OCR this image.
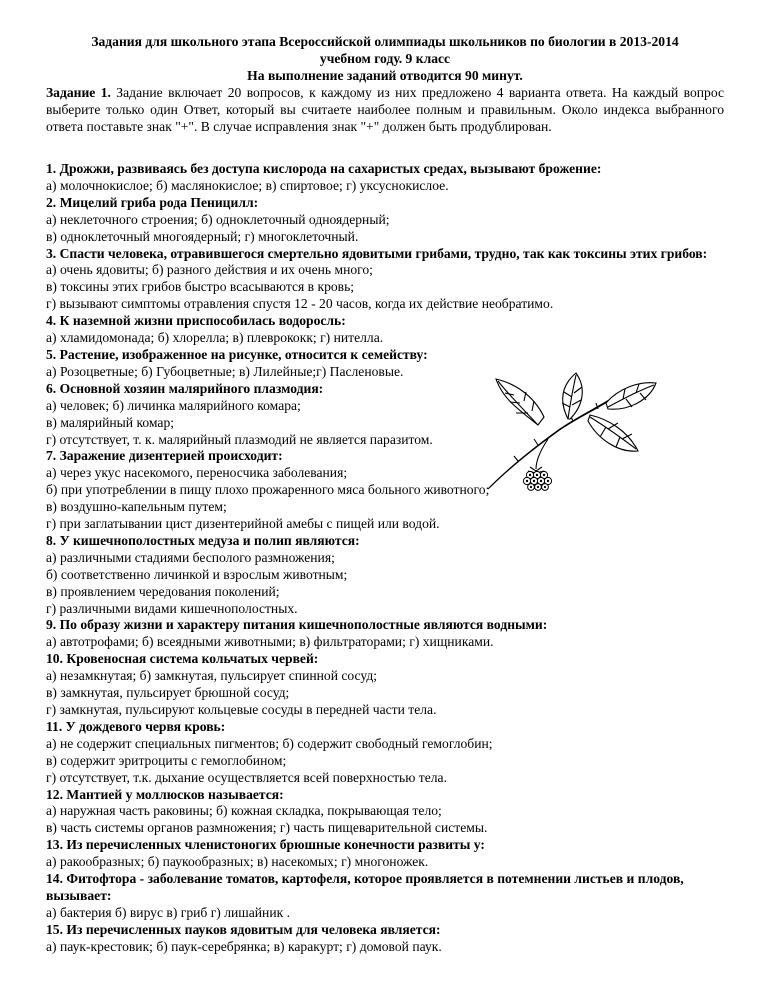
Задания для школьного этапа Всероссийской олимпиады школьников по биологии в 2013-2014
учебном году. 9 класс
На выполнение заданий отводится 90 минут.
Задание 1. Задание включает 20 вопросов, к каждому из них предложено 4 варианта ответа. На каждый вопрос выберите только один Ответ, который вы считаете наиболее полным и правильным. Около индекса выбранного ответа поставьте знак "+". В случае исправления знак "+" должен быть продублирован.
1. Дрожжи, развиваясь без доступа кислорода на сахаристых средах, вызывают брожение:
а) молочнокислое; б) маслянокислое; в) спиртовое; г) уксуснокислое.
2. Мицелий гриба рода Пеницилл:
а) неклеточного строения; б) одноклеточный одноядерный;
в) одноклеточный многоядерный; г) многоклеточный.
3. Спасти человека, отравившегося смертельно ядовитыми грибами, трудно, так как токсины этих грибов:
а) очень ядовиты; б) разного действия и их очень много;
в) токсины этих грибов быстро всасываются в кровь;
г) вызывают симптомы отравления спустя 12 - 20 часов, когда их действие необратимо.
4. К наземной жизни приспособилась водоросль:
а) хламидомонада; б) хлорелла; в) плеврококк; г) нителла.
5. Растение, изображенное на рисунке, относится к семейству:
а) Розоцветные; б) Губоцветные; в) Лилейные;г) Пасленовые.
6. Основной хозяин малярийного плазмодия:
а) человек; б) личинка малярийного комара;
в) малярийный комар;
г) отсутствует, т. к. малярийный плазмодий не является паразитом.
7. Заражение дизентерией происходит:
а) через укус насекомого, переносчика заболевания;
б) при употреблении в пищу плохо прожаренного мяса больного животного;
в) воздушно-капельным путем;
г) при заглатывании цист дизентерийной амебы с пищей или водой.
8. У кишечнополостных медуза и полип являются:
а) различными стадиями бесполого размножения;
б) соответственно личинкой и взрослым животным;
в) проявлением чередования поколений;
г) различными видами кишечнополостных.
9. По образу жизни и характеру питания кишечнополостные являются водными:
а) автотрофами; б) всеядными животными; в) фильтраторами; г) хищниками.
10. Кровеносная система кольчатых червей:
а) незамкнутая; б) замкнутая, пульсирует спинной сосуд;
в) замкнутая, пульсирует брюшной сосуд;
г) замкнутая, пульсируют кольцевые сосуды в передней части тела.
11. У дождевого червя кровь:
а) не содержит специальных пигментов; б) содержит свободный гемоглобин;
в) содержит эритроциты с гемоглобином;
г) отсутствует, т.к. дыхание осуществляется всей поверхностью тела.
12. Мантией у моллюсков называется:
а) наружная часть раковины; б) кожная складка, покрывающая тело;
в) часть системы органов размножения; г) часть пищеварительной системы.
13. Из перечисленных членистоногих брюшные конечности развиты у:
а) ракообразных; б) паукообразных; в) насекомых; г) многоножек.
14. Фитофтора - заболевание томатов, картофеля, которое проявляется в потемнении листьев и плодов, вызывает:
а) бактерия б) вирус в) гриб г) лишайник .
15. Из перечисленных пауков ядовитым для человека является:
а) паук-крестовик; б) паук-серебрянка; в) каракурт; г) домовой паук.
